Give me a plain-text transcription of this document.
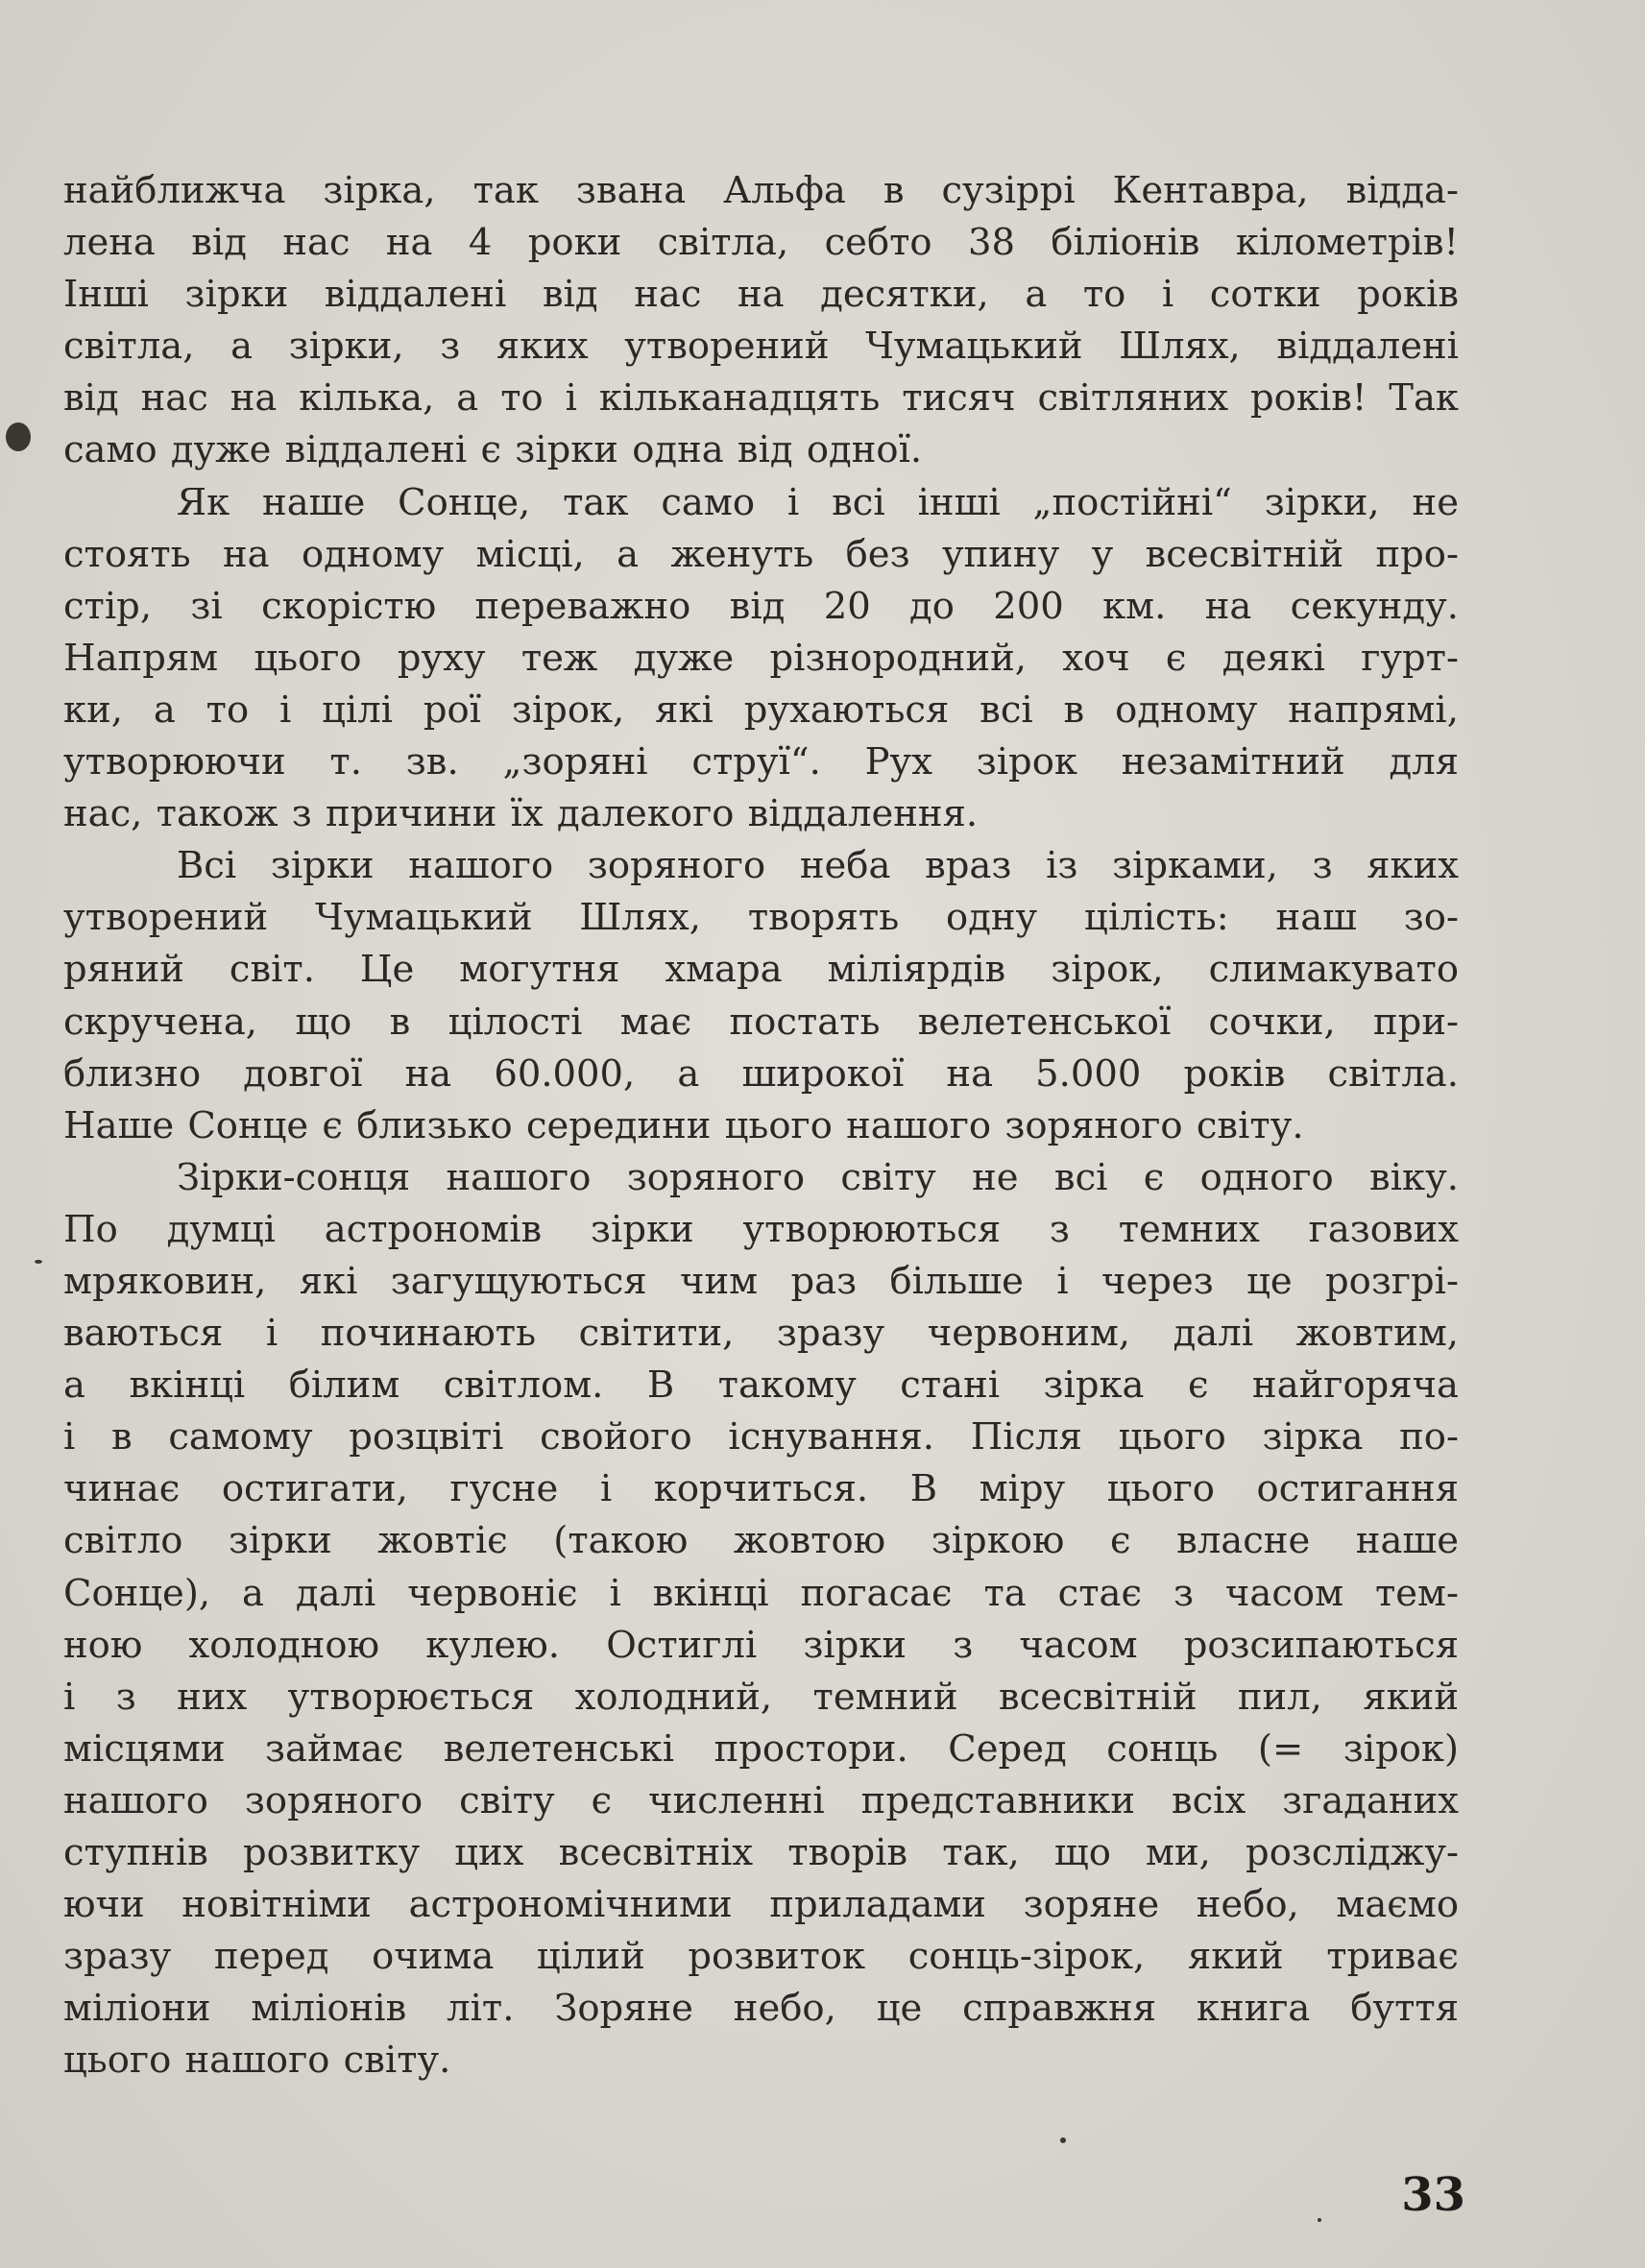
найближча зірка, так звана Альфа в сузіррі Кентавра, відда-
лена від нас на 4 роки світла, себто 38 біліонів кілометрів!
Інші зірки віддалені від нас на десятки, а то і сотки років
світла, а зірки, з яких утворений Чумацький Шлях, віддалені
від нас на кілька, а то і кільканадцять тисяч світляних років! Так
само дуже віддалені є зірки одна від одної.
Як наше Сонце, так само і всі інші „постійні“ зірки, не
стоять на одному місці, а женуть без упину у всесвітній про-
стір, зі скорістю переважно від 20 до 200 км. на секунду.
Напрям цього руху теж дуже різнородний, хоч є деякі гурт-
ки, а то і цілі рої зірок, які рухаються всі в одному напрямі,
утворюючи т. зв. „зоряні струї“. Рух зірок незамітний для
нас, також з причини їх далекого віддалення.
Всі зірки нашого зоряного неба враз із зірками, з яких
утворений Чумацький Шлях, творять одну цілість: наш зо-
ряний світ. Це могутня хмара міліярдів зірок, слимакувато
скручена, що в цілості має постать велетенської сочки, при-
близно довгої на 60.000, а широкої на 5.000 років світла.
Наше Сонце є близько середини цього нашого зоряного світу.
Зірки-сонця нашого зоряного світу не всі є одного віку.
По думці астрономів зірки утворюються з темних газових
мряковин, які загущуються чим раз більше і через це розгрі-
ваються і починають світити, зразу червоним, далі жовтим,
а вкінці білим світлом. В такому стані зірка є найгоряча
і в самому розцвіті свойого існування. Після цього зірка по-
чинає остигати, гусне і корчиться. В міру цього остигання
світло зірки жовтіє (такою жовтою зіркою є власне наше
Сонце), а далі червоніє і вкінці погасає та стає з часом тем-
ною холодною кулею. Остиглі зірки з часом розсипаються
і з них утворюється холодний, темний всесвітній пил, який
місцями займає велетенські простори. Серед сонць (= зірок)
нашого зоряного світу є численні представники всіх згаданих
ступнів розвитку цих всесвітніх творів так, що ми, розсліджу-
ючи новітніми астрономічними приладами зоряне небо, маємо
зразу перед очима цілий розвиток сонць-зірок, який триває
міліони міліонів літ. Зоряне небо, це справжня книга буття
цього нашого світу.
33
